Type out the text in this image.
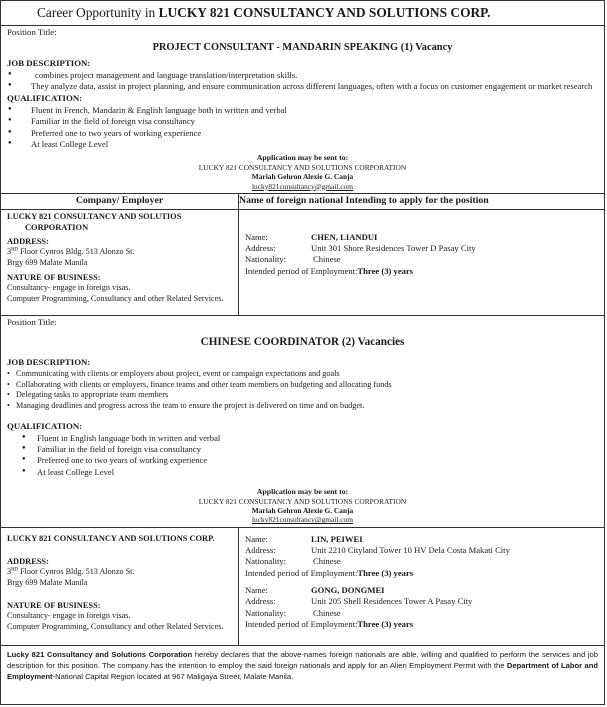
Career Opportunity in LUCKY 821 CONSULTANCY AND SOLUTIONS CORP.
Position Title:
PROJECT CONSULTANT - MANDARIN SPEAKING (1) Vacancy
JOB DESCRIPTION:
● combines project management and language translation/interpretation skills.
● They analyze data, assist in project planning, and ensure communication across different languages, often with a focus on customer engagement or market research
QUALIFICATION:
● Fluent in French, Mandarin & English language both in written and verbal
● Familiar in the field of foreign visa consultancy
● Preferred one to two years of working experience
● At least College Level
Application may be sent to:
LUCKY 821 CONSULTANCY AND SOLUTIONS CORPORATION
Mariah Gehron Alexie G. Canja
lucky821consultancy@gmail.com
Company/ Employer	Name of foreign national Intending to apply for the position
LUCKY 821 CONSULTANCY AND SOLUTIOS
CORPORATION
ADDRESS:
3RD Floor Cynros Bldg. 513 Alonzo St.
Brgy 699 Malate Manila
NATURE OF BUSINESS:
Consultancy- engage in foreign visas.
Computer Programming, Consultancy and other Related Services.
Name:	CHEN, LIANDUI
Address:	Unit 301 Shore Residences Tower D Pasay City
Nationality:	Chinese
Intended period of Employment: Three (3) years
Position Title:
CHINESE COORDINATOR (2) Vacancies
JOB DESCRIPTION:
• Communicating with clients or employers about project, event or campaign expectations and goals
• Collaborating with clients or employers, finance teams and other team members on budgeting and allocating funds
• Delegating tasks to appropriate team members
• Managing deadlines and progress across the team to ensure the project is delivered on time and on budget.
QUALIFICATION:
● Fluent in English language both in written and verbal
● Familiar in the field of foreign visa consultancy
● Preferred one to two years of working experience
● At least College Level
Application may be sent to:
LUCKY 821 CONSULTANCY AND SOLUTIONS CORPORATION
Mariah Gehron Alexie G. Canja
lucky821consultancy@gmail.com
LUCKY 821 CONSULTANCY AND SOLUTIONS CORP.
ADDRESS:
3RD Floor Cynros Bldg. 513 Alonzo St.
Brgy 699 Malate Manila
NATURE OF BUSINESS:
Consultancy- engage in foreign visas.
Computer Programming, Consultancy and other Related Services.
Name:	LIN, PEIWEI
Address:	Unit 2210 Cityland Tower 10 HV Dela Costa Makati City
Nationality:	Chinese
Intended period of Employment: Three (3) years
Name:	GONG, DONGMEI
Address:	Unit 205 Shell Residences Tower A Pasay City
Nationality:	Chinese
Intended period of Employment: Three (3) years
Lucky 821 Consultancy and Solutions Corporation hereby declares that the above-names foreign nationals are able, willing and qualified to perform the services and job description for this position. The company has the intention to employ the said foreign nationals and apply for an Alien Employment Permit with the Department of Labor and Employment-National Capital Region located at 967 Maligaya Street, Malate Manila.
